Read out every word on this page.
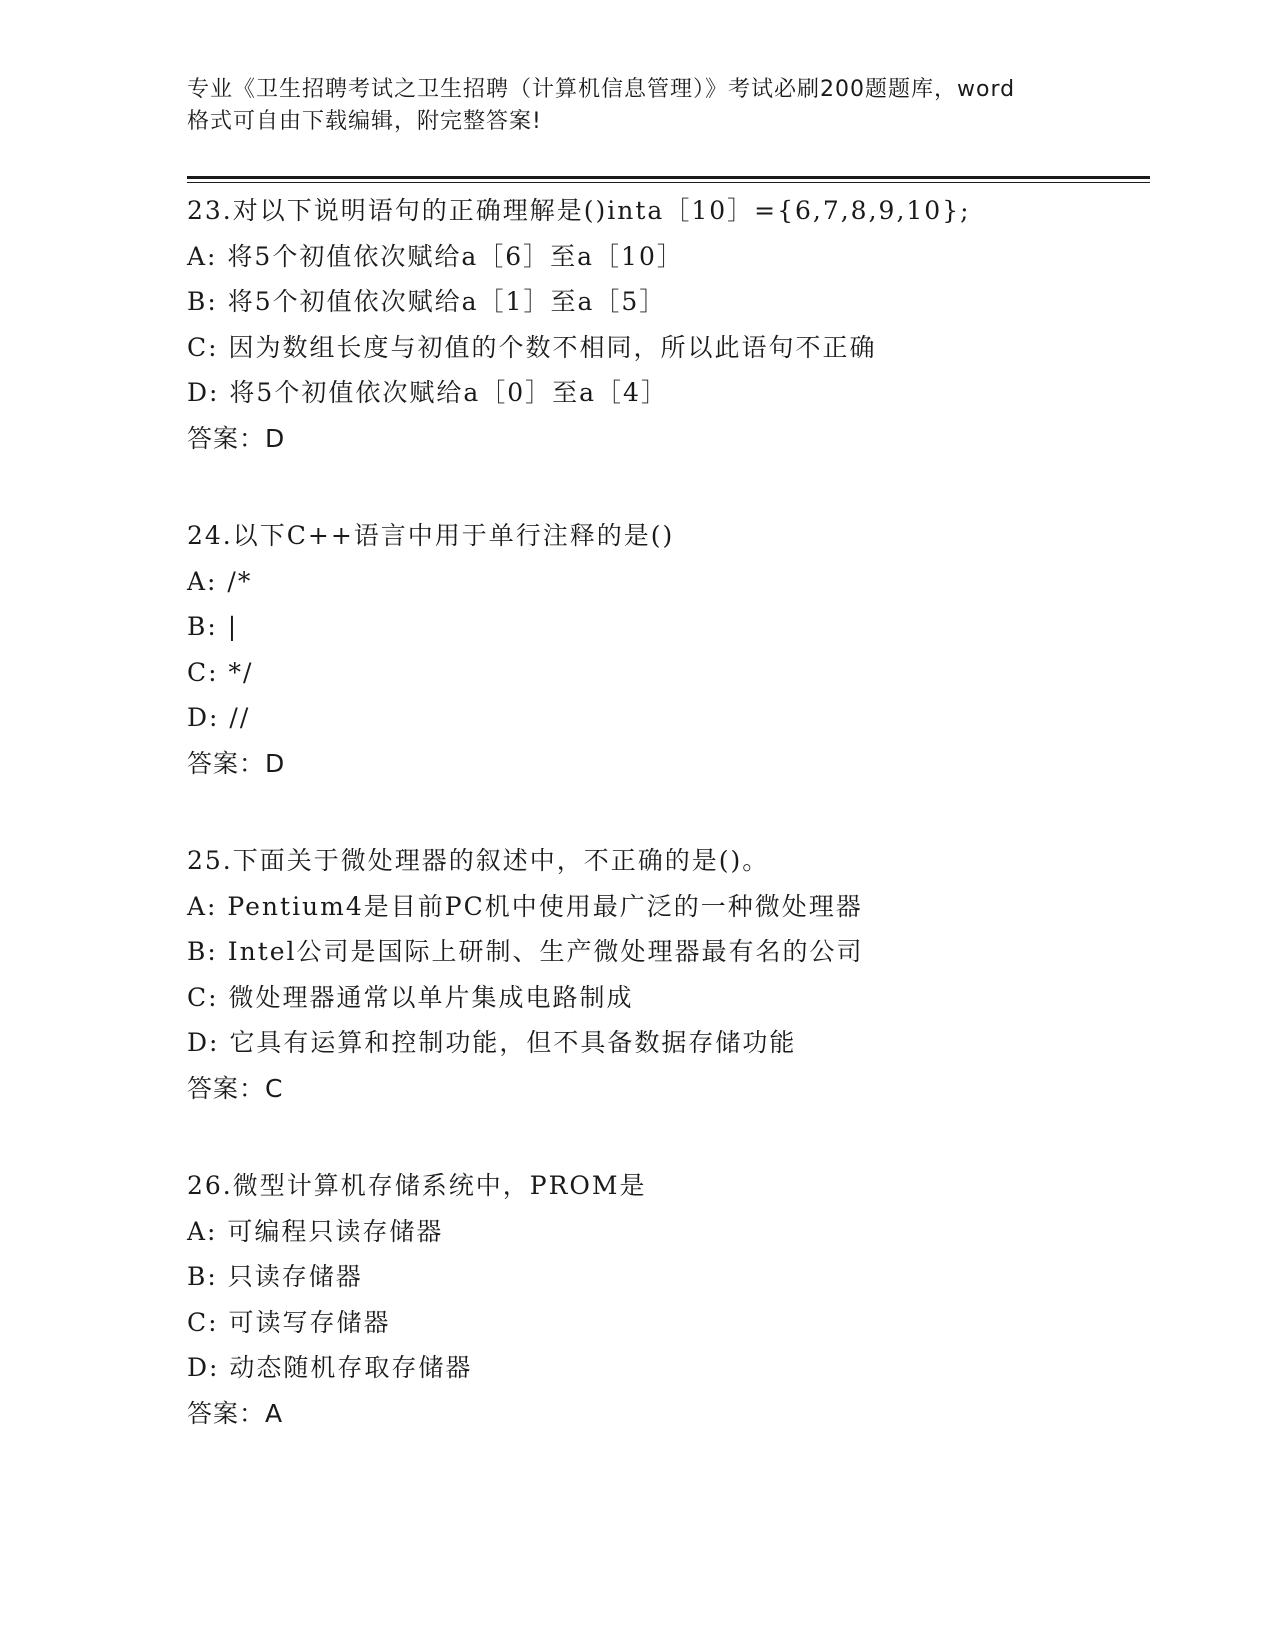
专业《卫生招聘考试之卫生招聘（计算机信息管理）》考试必刷200题题库，word
格式可自由下载编辑，附完整答案!
23.对以下说明语句的正确理解是()inta［10］={6,7,8,9,10};
A: 将5个初值依次赋给a［6］至a［10］
B: 将5个初值依次赋给a［1］至a［5］
C: 因为数组长度与初值的个数不相同，所以此语句不正确
D: 将5个初值依次赋给a［0］至a［4］
答案：D
24.以下C++语言中用于单行注释的是()
A: /*
B: |
C: */
D: //
答案：D
25.下面关于微处理器的叙述中，不正确的是()。
A: Pentium4是目前PC机中使用最广泛的一种微处理器
B: Intel公司是国际上研制、生产微处理器最有名的公司
C: 微处理器通常以单片集成电路制成
D: 它具有运算和控制功能，但不具备数据存储功能
答案：C
26.微型计算机存储系统中，PROM是
A: 可编程只读存储器
B: 只读存储器
C: 可读写存储器
D: 动态随机存取存储器
答案：A
